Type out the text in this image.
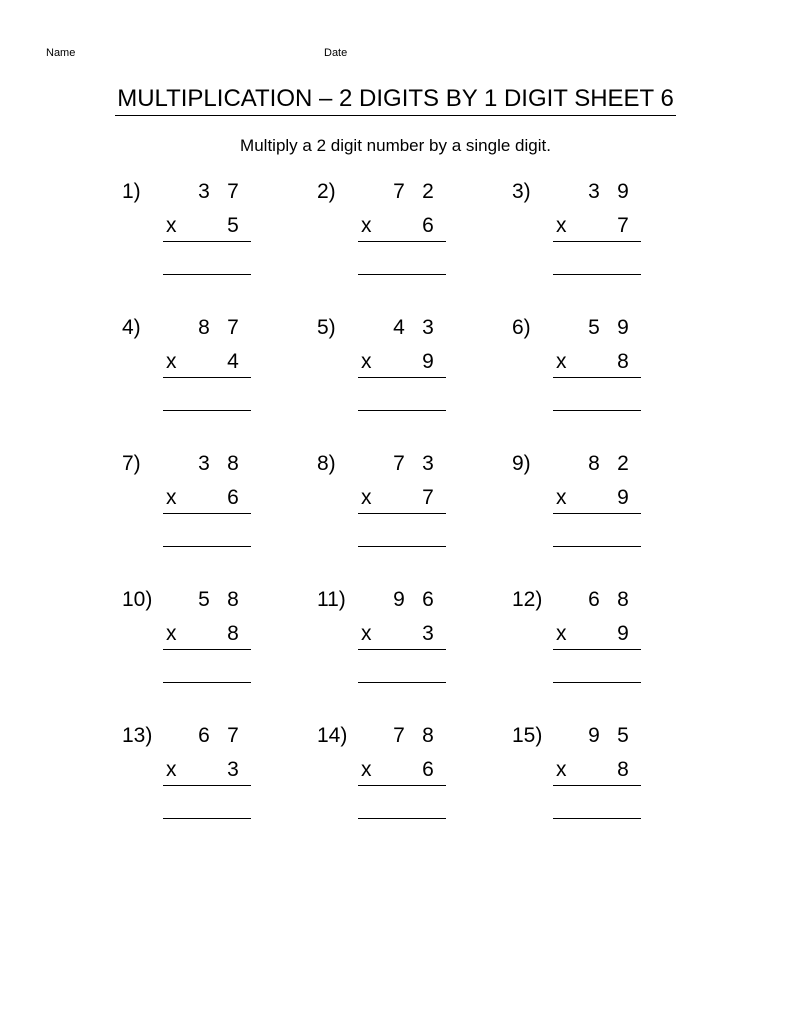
Name	Date
MULTIPLICATION – 2 DIGITS BY 1 DIGIT SHEET 6
Multiply a 2 digit number by a single digit.
1)	3 7
x 5
2)	7 2
x 6
3)	3 9
x 7
4)	8 7
x 4
5)	4 3
x 9
6)	5 9
x 8
7)	3 8
x 6
8)	7 3
x 7
9)	8 2
x 9
10) 5 8
x 8
11) 9 6
x 3
12) 6 8
x 9
13) 6 7
x 3
14) 7 8
x 6
15) 9 5
x 8
